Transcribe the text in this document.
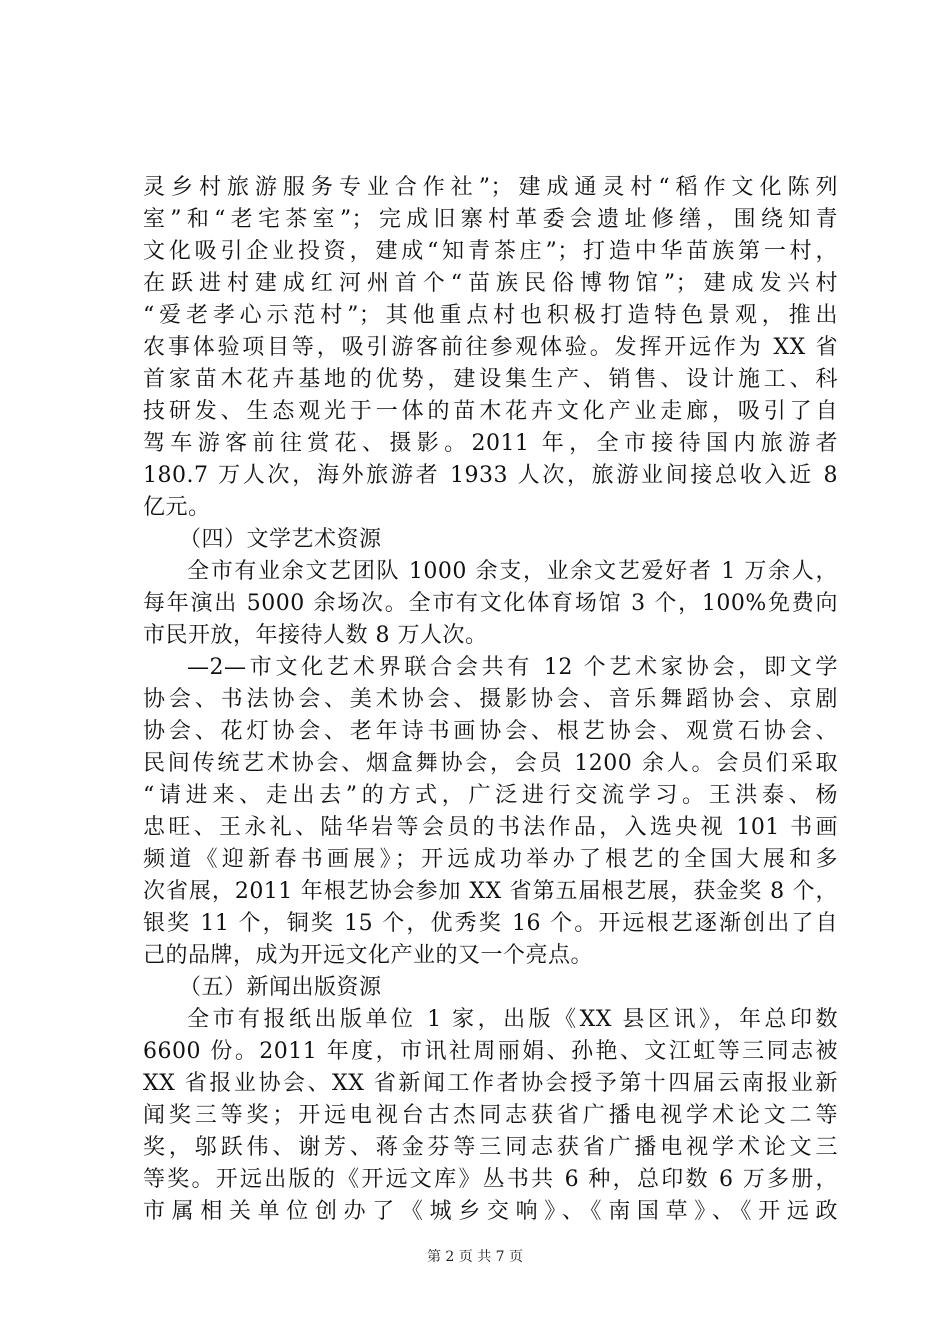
灵乡村旅游服务专业合作社”；建成通灵村“稻作文化陈列
室”和“老宅茶室”；完成旧寨村革委会遗址修缮，围绕知青
文化吸引企业投资，建成“知青茶庄”；打造中华苗族第一村，
在跃进村建成红河州首个“苗族民俗博物馆”；建成发兴村
“爱老孝心示范村”；其他重点村也积极打造特色景观，推出
农事体验项目等，吸引游客前往参观体验。发挥开远作为 XX 省
首家苗木花卉基地的优势，建设集生产、销售、设计施工、科
技研发、生态观光于一体的苗木花卉文化产业走廊，吸引了自
驾车游客前往赏花、摄影。2011 年，全市接待国内旅游者
180.7 万人次，海外旅游者 1933 人次，旅游业间接总收入近 8
亿元。
（四）文学艺术资源
全市有业余文艺团队 1000 余支，业余文艺爱好者 1 万余人，
每年演出 5000 余场次。全市有文化体育场馆 3 个，100%免费向
市民开放，年接待人数 8 万人次。
—2—市文化艺术界联合会共有 12 个艺术家协会，即文学
协会、书法协会、美术协会、摄影协会、音乐舞蹈协会、京剧
协会、花灯协会、老年诗书画协会、根艺协会、观赏石协会、
民间传统艺术协会、烟盒舞协会，会员 1200 余人。会员们采取
“请进来、走出去”的方式，广泛进行交流学习。王洪泰、杨
忠旺、王永礼、陆华岩等会员的书法作品，入选央视 101 书画
频道《迎新春书画展》；开远成功举办了根艺的全国大展和多
次省展，2011 年根艺协会参加 XX 省第五届根艺展，获金奖 8 个，
银奖 11 个，铜奖 15 个，优秀奖 16 个。开远根艺逐渐创出了自
己的品牌，成为开远文化产业的又一个亮点。
（五）新闻出版资源
全市有报纸出版单位 1 家，出版《XX 县区讯》，年总印数
6600 份。2011 年度，市讯社周丽娟、孙艳、文江虹等三同志被
XX 省报业协会、XX 省新闻工作者协会授予第十四届云南报业新
闻奖三等奖；开远电视台古杰同志获省广播电视学术论文二等
奖，邬跃伟、谢芳、蒋金芬等三同志获省广播电视学术论文三
等奖。开远出版的《开远文库》丛书共 6 种，总印数 6 万多册，
市属相关单位创办了《城乡交响》、《南国草》、《开远政
第 2 页 共 7 页
